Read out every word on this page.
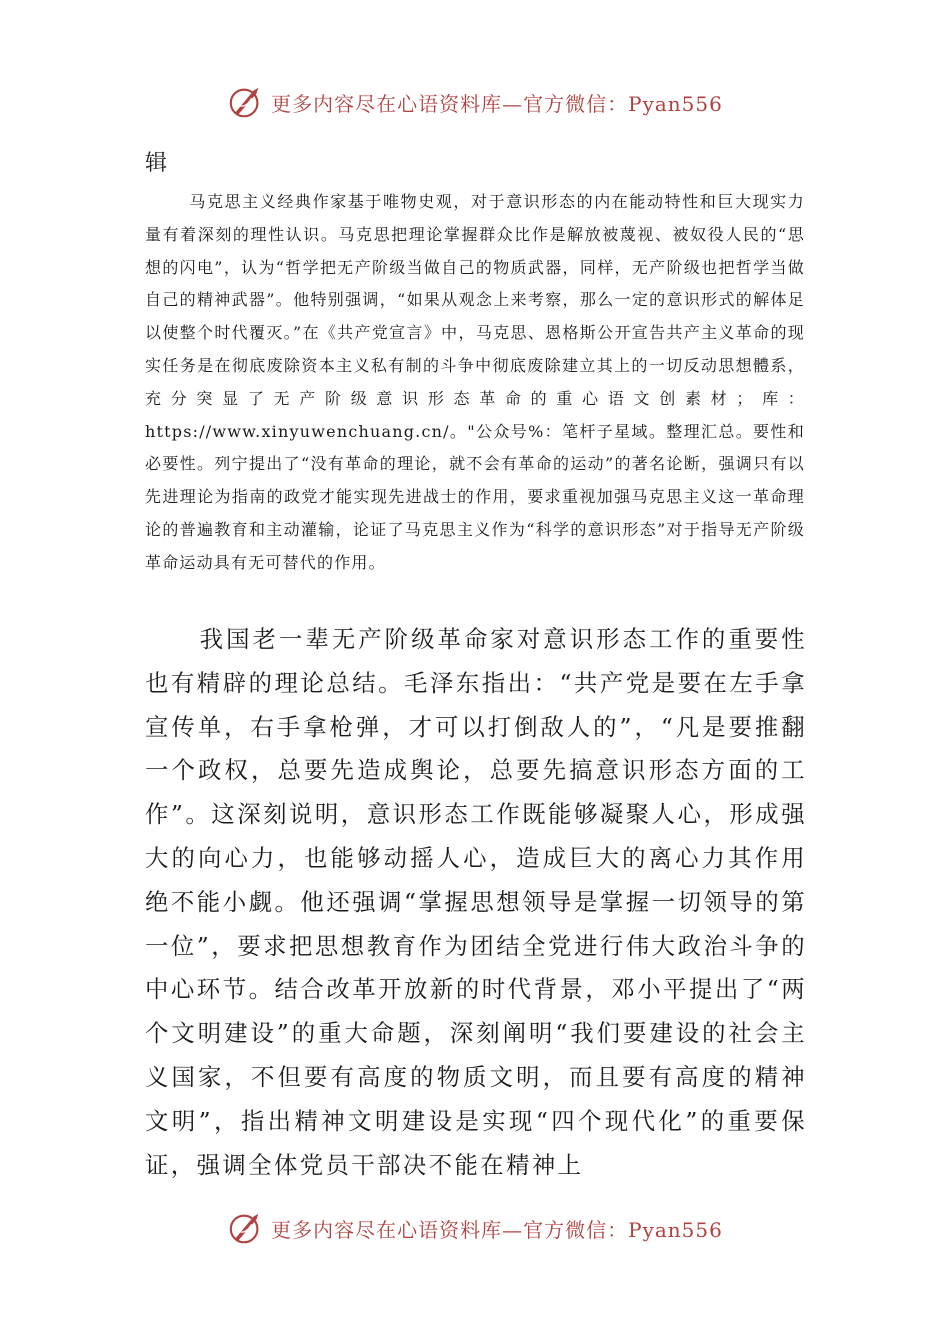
更多内容尽在心语资料库—官方微信：Pyan556

辑

马克思主义经典作家基于唯物史观，对于意识形态的内在能动特性和巨大现实力量有着深刻的理性认识。马克思把理论掌握群众比作是解放被蔑视、被奴役人民的“思想的闪电”，认为“哲学把无产阶级当做自己的物质武器，同样，无产阶级也把哲学当做自己的精神武器”。他特别强调，“如果从观念上来考察，那么一定的意识形式的解体足以使整个时代覆灭。”在《共产党宣言》中，马克思、恩格斯公开宣告共产主义革命的现实任务是在彻底废除资本主义私有制的斗争中彻底废除建立其上的一切反动思想體系，充分突显了无产阶级意识形态革命的重心语文创素材；库：https://www.xinyuwenchuang.cn/。"公众号%：笔杆子星域。整理汇总。要性和必要性。列宁提出了“没有革命的理论，就不会有革命的运动”的著名论断，强调只有以先进理论为指南的政党才能实现先进战士的作用，要求重视加强马克思主义这一革命理论的普遍教育和主动灌输，论证了马克思主义作为“科学的意识形态”对于指导无产阶级革命运动具有无可替代的作用。

我国老一辈无产阶级革命家对意识形态工作的重要性也有精辟的理论总结。毛泽东指出：“共产党是要在左手拿宣传单，右手拿枪弹，才可以打倒敌人的”，“凡是要推翻一个政权，总要先造成舆论，总要先搞意识形态方面的工作”。这深刻说明，意识形态工作既能够凝聚人心，形成强大的向心力，也能够动摇人心，造成巨大的离心力其作用绝不能小觑。他还强调“掌握思想领导是掌握一切领导的第一位”，要求把思想教育作为团结全党进行伟大政治斗争的中心环节。结合改革开放新的时代背景，邓小平提出了“两个文明建设”的重大命题，深刻阐明“我们要建设的社会主义国家，不但要有高度的物质文明，而且要有高度的精神文明”，指出精神文明建设是实现“四个现代化”的重要保证，强调全体党员干部决不能在精神上

更多内容尽在心语资料库—官方微信：Pyan556
